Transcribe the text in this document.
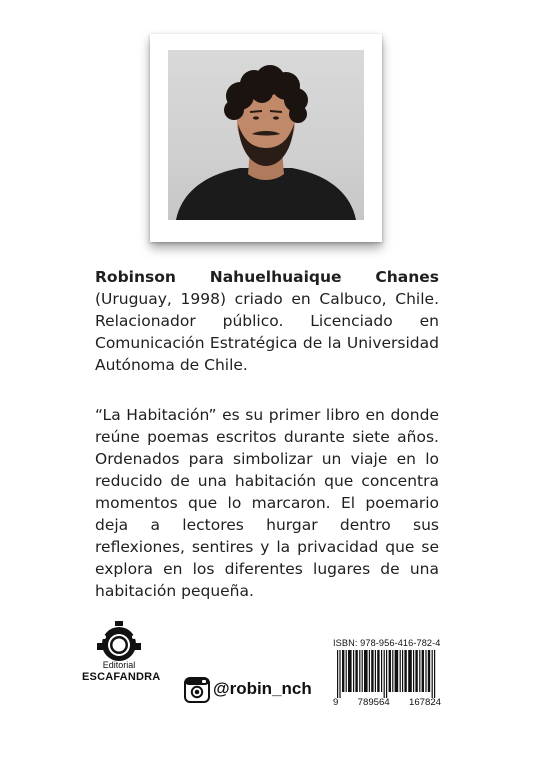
Robinson Nahuelhuaique Chanes (Uruguay, 1998) criado en Calbuco, Chile. Relacionador público. Licenciado en Comunicación Estratégica de la Universidad Autónoma de Chile.

“La Habitación” es su primer libro en donde reúne poemas escritos durante siete años. Ordenados para simbolizar un viaje en lo reducido de una habitación que concentra momentos que lo marcaron. El poemario deja a lectores hurgar dentro sus reflexiones, sentires y la privacidad que se explora en los diferentes lugares de una habitación pequeña.

Editorial
ESCAFANDRA
@robin_nch
ISBN: 978-956-416-782-4
9 789564 167824
